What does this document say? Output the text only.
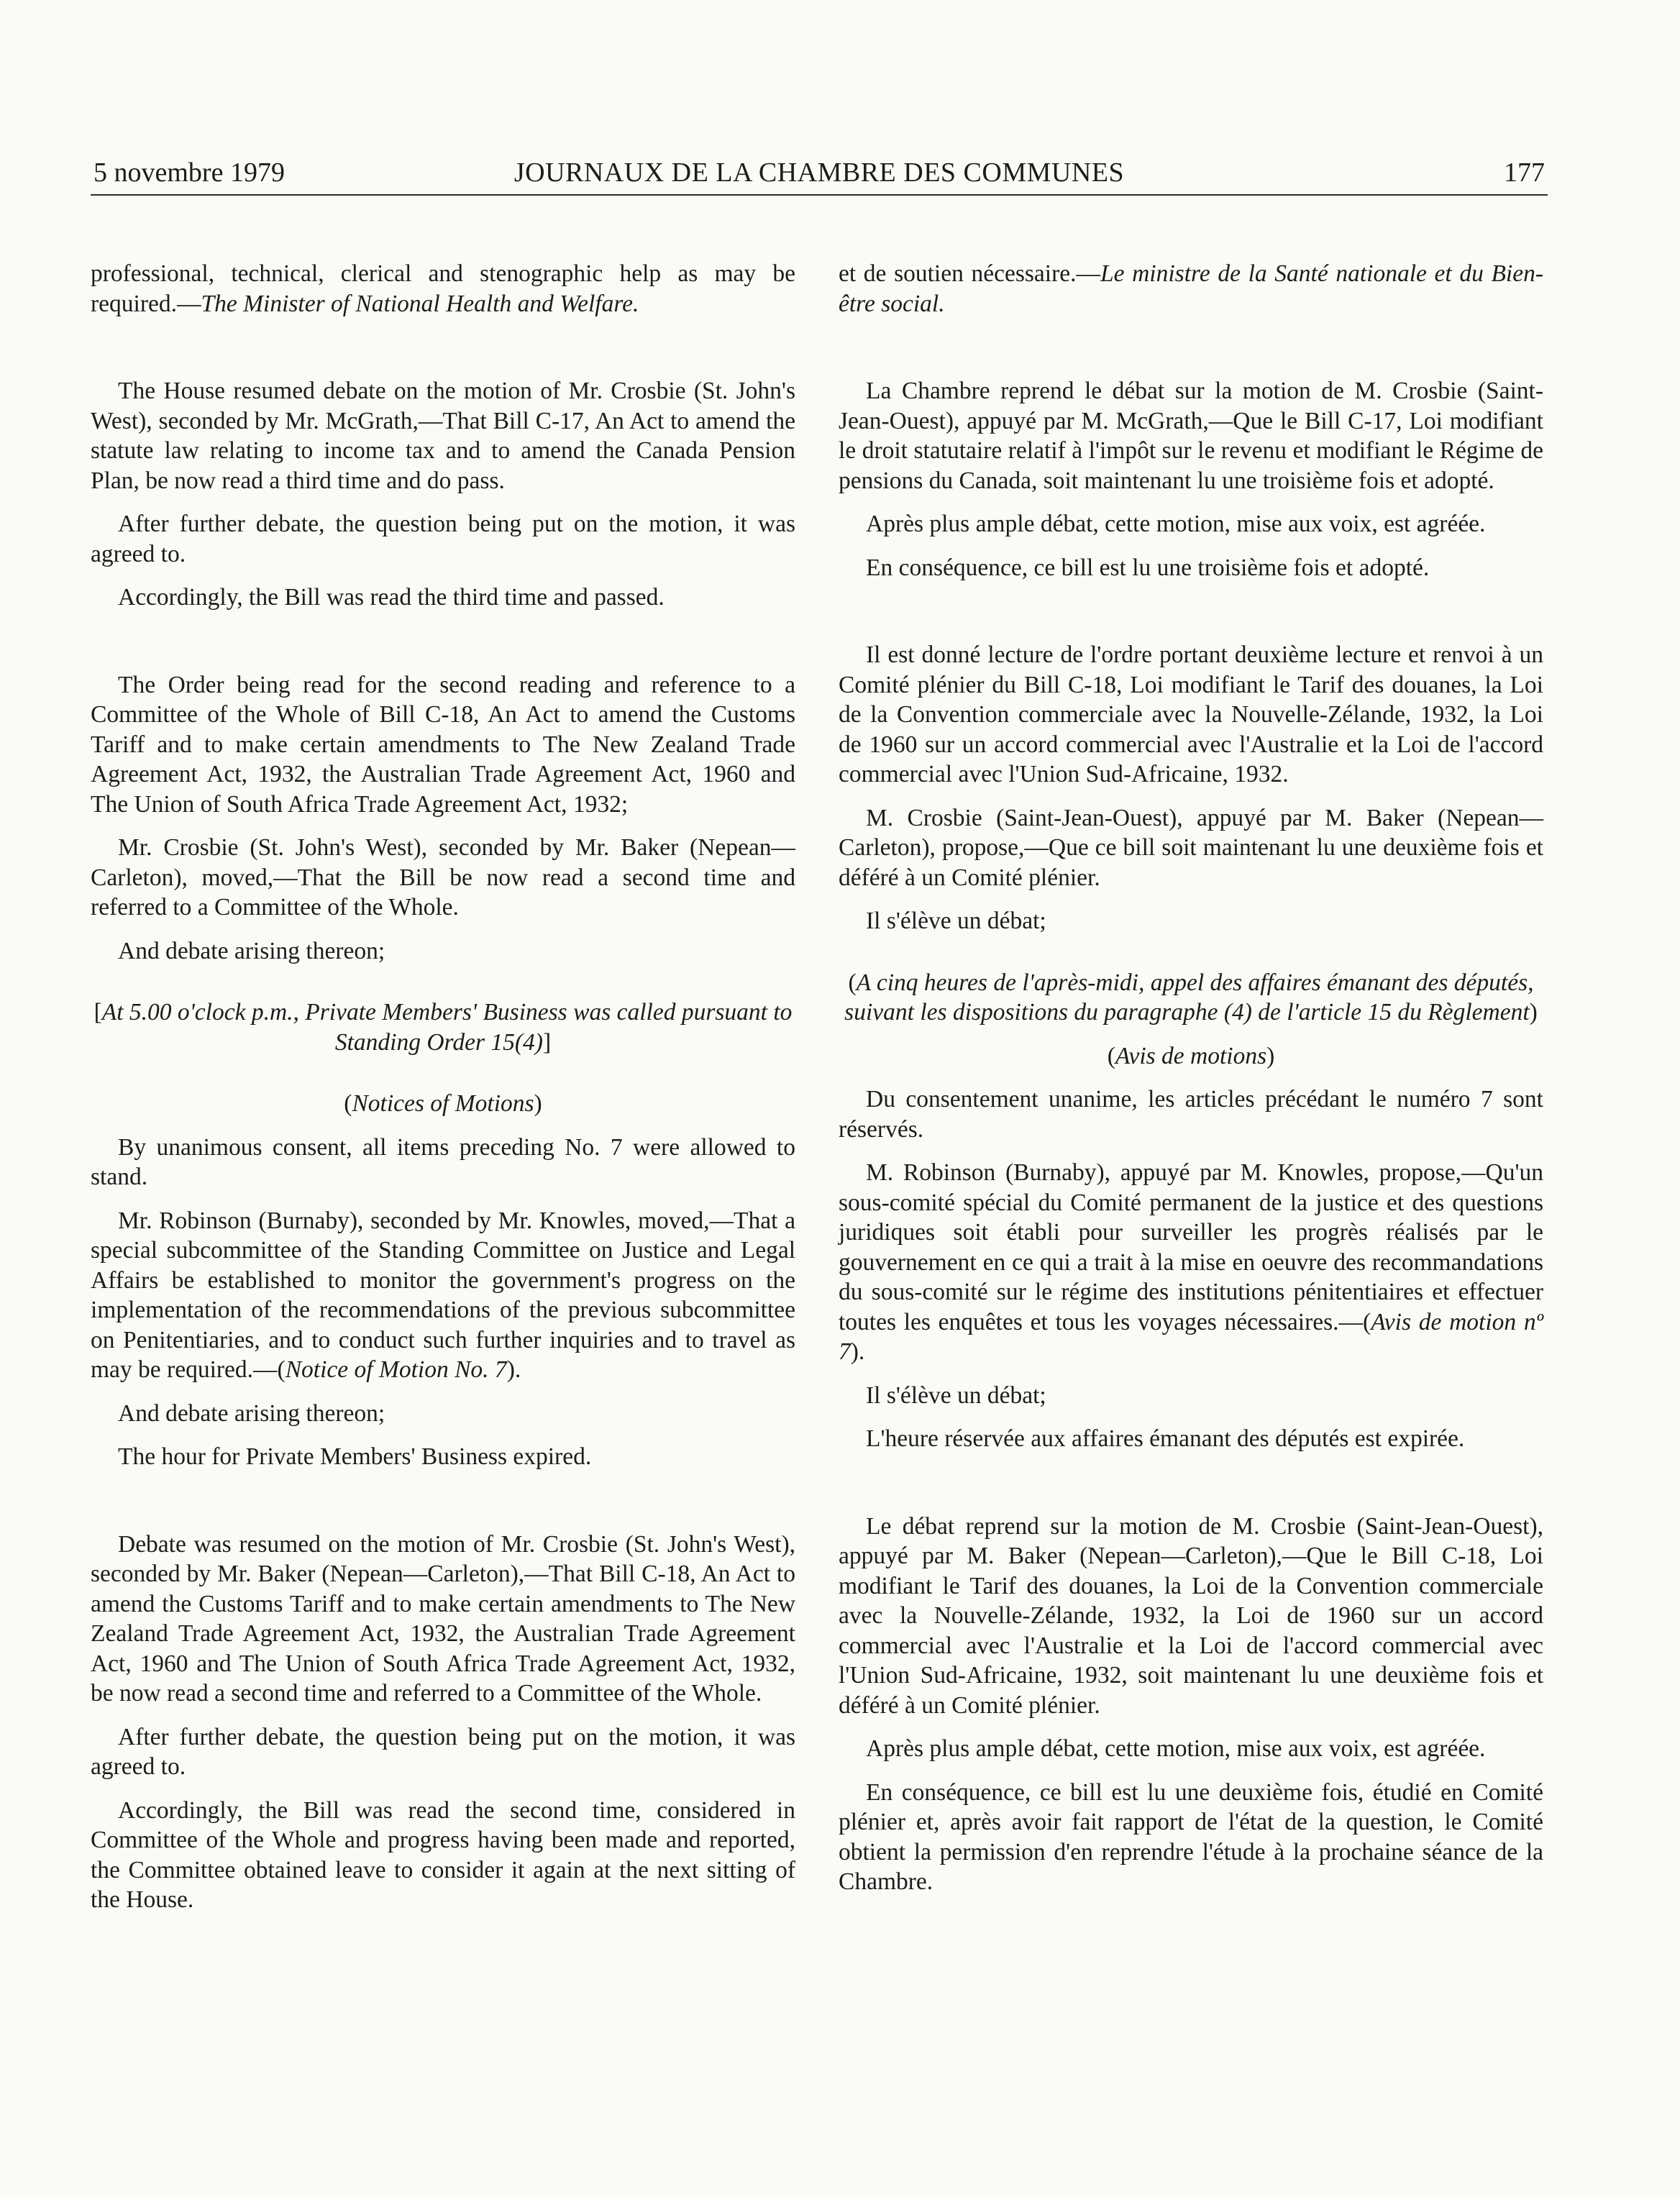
5 novembre 1979	JOURNAUX DE LA CHAMBRE DES COMMUNES	177

professional, technical, clerical and stenographic help as may be required.—The Minister of National Health and Welfare.

The House resumed debate on the motion of Mr. Crosbie (St. John's West), seconded by Mr. McGrath,—That Bill C-17, An Act to amend the statute law relating to income tax and to amend the Canada Pension Plan, be now read a third time and do pass.

After further debate, the question being put on the motion, it was agreed to.

Accordingly, the Bill was read the third time and passed.

The Order being read for the second reading and reference to a Committee of the Whole of Bill C-18, An Act to amend the Customs Tariff and to make certain amendments to The New Zealand Trade Agreement Act, 1932, the Australian Trade Agreement Act, 1960 and The Union of South Africa Trade Agreement Act, 1932;

Mr. Crosbie (St. John's West), seconded by Mr. Baker (Nepean—Carleton), moved,—That the Bill be now read a second time and referred to a Committee of the Whole.

And debate arising thereon;

[At 5.00 o'clock p.m., Private Members' Business was called pursuant to Standing Order 15(4)]

(Notices of Motions)

By unanimous consent, all items preceding No. 7 were allowed to stand.

Mr. Robinson (Burnaby), seconded by Mr. Knowles, moved,—That a special subcommittee of the Standing Committee on Justice and Legal Affairs be established to monitor the government's progress on the implementation of the recommendations of the previous subcommittee on Penitentiaries, and to conduct such further inquiries and to travel as may be required.—(Notice of Motion No. 7).

And debate arising thereon;

The hour for Private Members' Business expired.

Debate was resumed on the motion of Mr. Crosbie (St. John's West), seconded by Mr. Baker (Nepean—Carleton),—That Bill C-18, An Act to amend the Customs Tariff and to make certain amendments to The New Zealand Trade Agreement Act, 1932, the Australian Trade Agreement Act, 1960 and The Union of South Africa Trade Agreement Act, 1932, be now read a second time and referred to a Committee of the Whole.

After further debate, the question being put on the motion, it was agreed to.

Accordingly, the Bill was read the second time, considered in Committee of the Whole and progress having been made and reported, the Committee obtained leave to consider it again at the next sitting of the House.

et de soutien nécessaire.—Le ministre de la Santé nationale et du Bien-être social.

La Chambre reprend le débat sur la motion de M. Crosbie (Saint-Jean-Ouest), appuyé par M. McGrath,—Que le Bill C-17, Loi modifiant le droit statutaire relatif à l'impôt sur le revenu et modifiant le Régime de pensions du Canada, soit maintenant lu une troisième fois et adopté.

Après plus ample débat, cette motion, mise aux voix, est agréée.

En conséquence, ce bill est lu une troisième fois et adopté.

Il est donné lecture de l'ordre portant deuxième lecture et renvoi à un Comité plénier du Bill C-18, Loi modifiant le Tarif des douanes, la Loi de la Convention commerciale avec la Nouvelle-Zélande, 1932, la Loi de 1960 sur un accord commercial avec l'Australie et la Loi de l'accord commercial avec l'Union Sud-Africaine, 1932.

M. Crosbie (Saint-Jean-Ouest), appuyé par M. Baker (Nepean—Carleton), propose,—Que ce bill soit maintenant lu une deuxième fois et déféré à un Comité plénier.

Il s'élève un débat;

(A cinq heures de l'après-midi, appel des affaires émanant des députés, suivant les dispositions du paragraphe (4) de l'article 15 du Règlement)

(Avis de motions)

Du consentement unanime, les articles précédant le numéro 7 sont réservés.

M. Robinson (Burnaby), appuyé par M. Knowles, propose,—Qu'un sous-comité spécial du Comité permanent de la justice et des questions juridiques soit établi pour surveiller les progrès réalisés par le gouvernement en ce qui a trait à la mise en oeuvre des recommandations du sous-comité sur le régime des institutions pénitentiaires et effectuer toutes les enquêtes et tous les voyages nécessaires.—(Avis de motion nº 7).

Il s'élève un débat;

L'heure réservée aux affaires émanant des députés est expirée.

Le débat reprend sur la motion de M. Crosbie (Saint-Jean-Ouest), appuyé par M. Baker (Nepean—Carleton),—Que le Bill C-18, Loi modifiant le Tarif des douanes, la Loi de la Convention commerciale avec la Nouvelle-Zélande, 1932, la Loi de 1960 sur un accord commercial avec l'Australie et la Loi de l'accord commercial avec l'Union Sud-Africaine, 1932, soit maintenant lu une deuxième fois et déféré à un Comité plénier.

Après plus ample débat, cette motion, mise aux voix, est agréée.

En conséquence, ce bill est lu une deuxième fois, étudié en Comité plénier et, après avoir fait rapport de l'état de la question, le Comité obtient la permission d'en reprendre l'étude à la prochaine séance de la Chambre.
